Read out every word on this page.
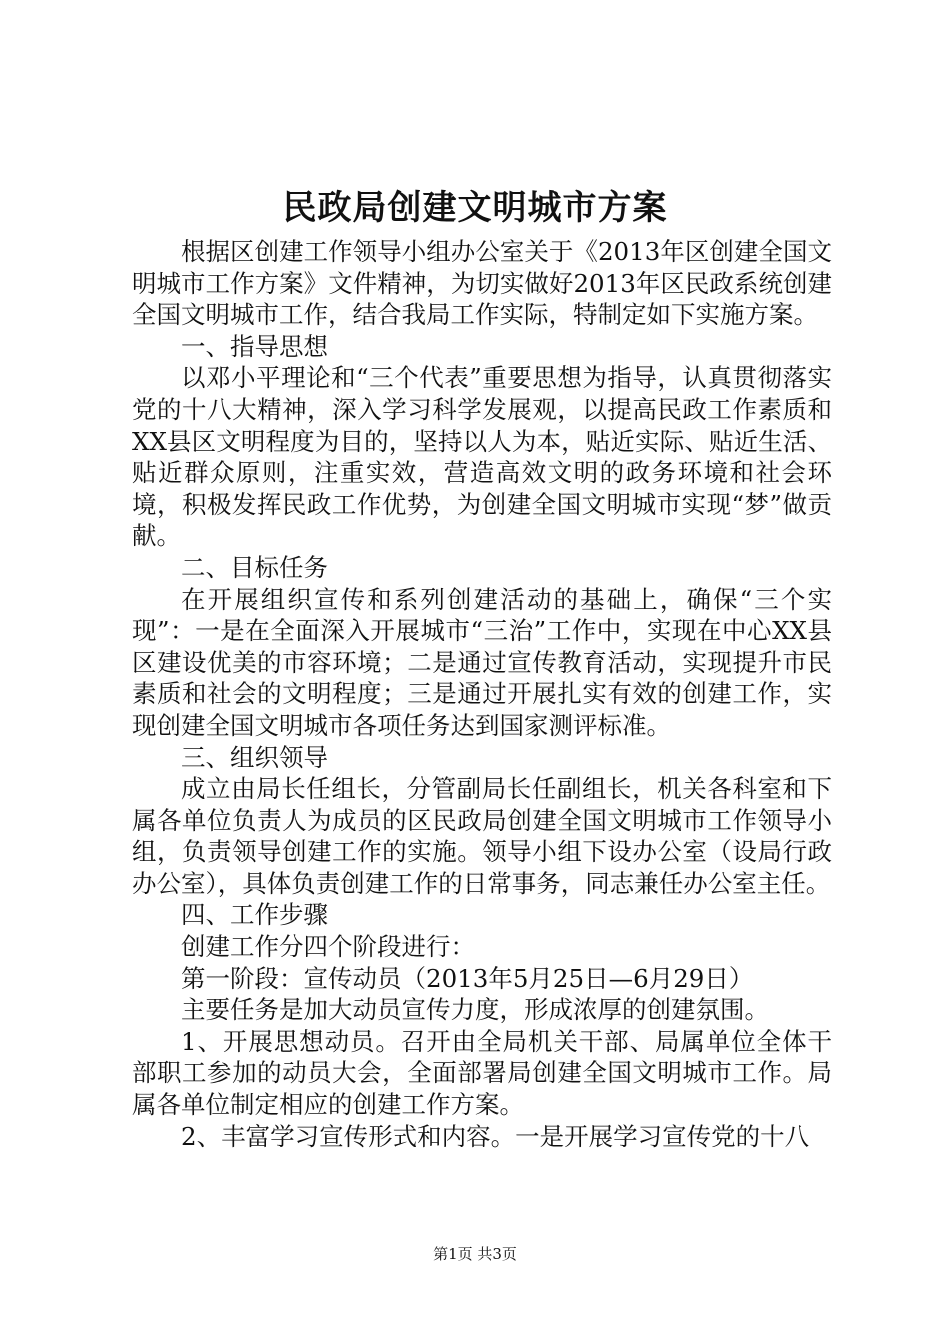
民政局创建文明城市方案

根据区创建工作领导小组办公室关于《2013年区创建全国文明城市工作方案》文件精神，为切实做好2013年区民政系统创建全国文明城市工作，结合我局工作实际，特制定如下实施方案。

一、指导思想

以邓小平理论和“三个代表”重要思想为指导，认真贯彻落实党的十八大精神，深入学习科学发展观，以提高民政工作素质和XX县区文明程度为目的，坚持以人为本，贴近实际、贴近生活、贴近群众原则，注重实效，营造高效文明的政务环境和社会环境，积极发挥民政工作优势，为创建全国文明城市实现“梦”做贡献。

二、目标任务

在开展组织宣传和系列创建活动的基础上，确保“三个实现”：一是在全面深入开展城市“三治”工作中，实现在中心XX县区建设优美的市容环境；二是通过宣传教育活动，实现提升市民素质和社会的文明程度；三是通过开展扎实有效的创建工作，实现创建全国文明城市各项任务达到国家测评标准。

三、组织领导

成立由局长任组长，分管副局长任副组长，机关各科室和下属各单位负责人为成员的区民政局创建全国文明城市工作领导小组，负责领导创建工作的实施。领导小组下设办公室（设局行政办公室），具体负责创建工作的日常事务，同志兼任办公室主任。

四、工作步骤

创建工作分四个阶段进行：

第一阶段：宣传动员（2013年5月25日—6月29日）

主要任务是加大动员宣传力度，形成浓厚的创建氛围。

1、开展思想动员。召开由全局机关干部、局属单位全体干部职工参加的动员大会，全面部署局创建全国文明城市工作。局属各单位制定相应的创建工作方案。

2、丰富学习宣传形式和内容。一是开展学习宣传党的十八

第1页 共3页
